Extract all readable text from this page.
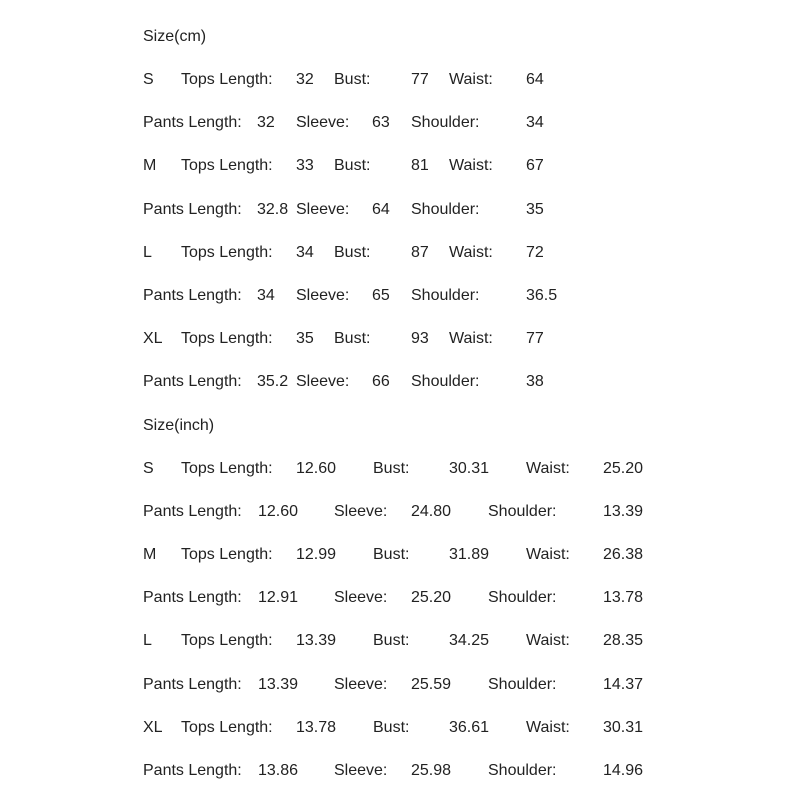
Size(cm)
S Tops Length: 32 Bust:	77 Waist: 64
Pants Length: 32 Sleeve: 63 Shoulder:	34
M Tops Length: 33 Bust:	81 Waist: 67
Pants Length: 32.8 Sleeve: 64 Shoulder:	35
L Tops Length: 34 Bust:	87 Waist: 72
Pants Length: 34 Sleeve: 65 Shoulder:	36.5
XL Tops Length: 35 Bust:	93 Waist: 77
Pants Length: 35.2 Sleeve: 66 Shoulder:	38
Size(inch)
S Tops Length: 12.60 Bust: 30.31 Waist: 25.20
Pants Length: 12.60 Sleeve: 24.80 Shoulder:	13.39
M Tops Length: 12.99 Bust: 31.89 Waist: 26.38
Pants Length: 12.91 Sleeve: 25.20 Shoulder:	13.78
L Tops Length: 13.39 Bust: 34.25 Waist: 28.35
Pants Length: 13.39 Sleeve: 25.59 Shoulder:	14.37
XL Tops Length: 13.78 Bust: 36.61 Waist: 30.31
Pants Length: 13.86 Sleeve: 25.98 Shoulder:	14.96
